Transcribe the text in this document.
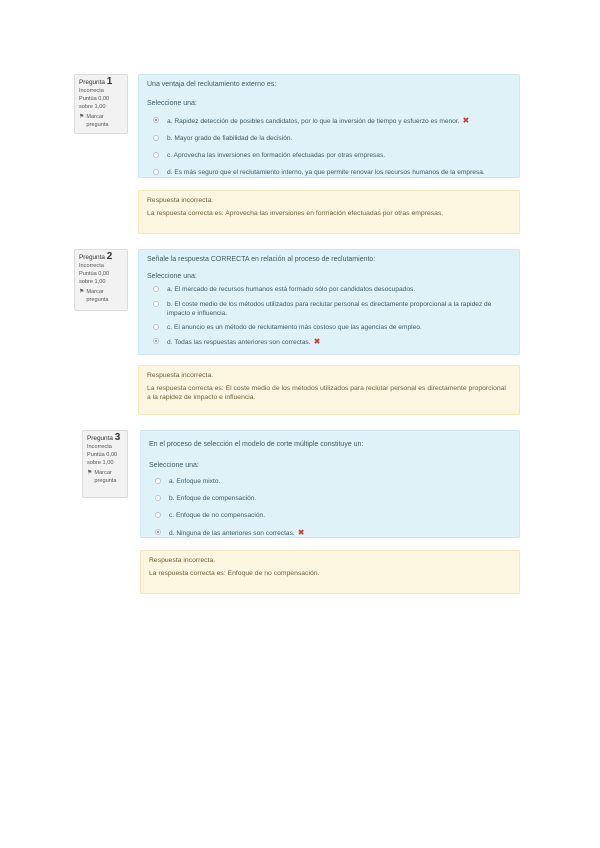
Pregunta 1
Incorrecta
Puntúa 0,00 sobre 1,00
⚑ Marcar pregunta
Una ventaja del reclutamiento externo es:
Seleccione una:
a. Rapidez detección de posibles candidatos, por lo que la inversión de tiempo y esfuerzo es menor. ✖
b. Mayor grado de fiabilidad de la decisión.
c. Aprovecha las inversiones en formación efectuadas por otras empresas.
d. Es más seguro que el reclutamiento interno, ya que permite renovar los recursos humanos de la empresa.
Respuesta incorrecta.
La respuesta correcta es: Aprovecha las inversiones en formación efectuadas por otras empresas.
Pregunta 2
Incorrecta
Puntúa 0,00 sobre 1,00
⚑ Marcar pregunta
Señale la respuesta CORRECTA en relación al proceso de reclutamiento:
Seleccione una:
a. El mercado de recursos humanos está formado sólo por candidatos desocupados.
b. El coste medio de los métodos utilizados para reclutar personal es directamente proporcional a la rapidez de impacto e influencia.
c. El anuncio es un método de reclutamiento más costoso que las agencias de empleo.
d. Todas las respuestas anteriores son correctas. ✖
Respuesta incorrecta.
La respuesta correcta es: El coste medio de los métodos utilizados para reclutar personal es directamente proporcional a la rapidez de impacto e influencia.
Pregunta 3
Incorrecta
Puntúa 0,00 sobre 1,00
⚑ Marcar pregunta
En el proceso de selección el modelo de corte múltiple constituye un:
Seleccione una:
a. Enfoque mixto.
b. Enfoque de compensación.
c. Enfoque de no compensación.
d. Ninguna de las anteriores son correctas. ✖
Respuesta incorrecta.
La respuesta correcta es: Enfoque de no compensación.
